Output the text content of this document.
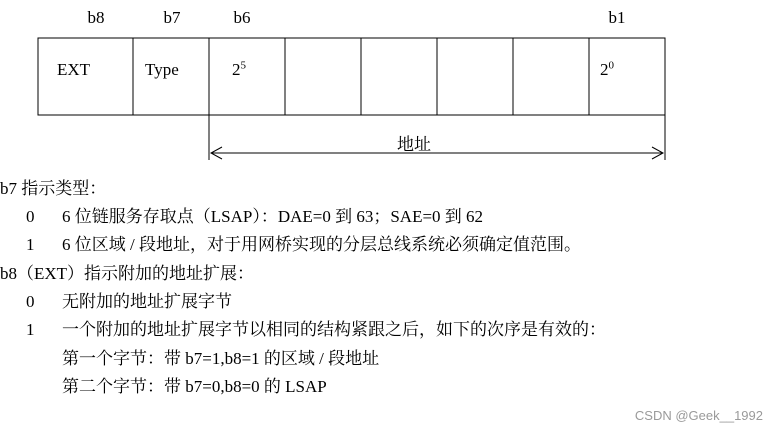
b8	b7	b6	b1
EXT	Type	$2^5$	$2^0$
地址
b7 指示类型：
0 6 位链服务存取点（LSAP）：DAE=0 到 63；SAE=0 到 62
1 6 位区域 / 段地址，对于用网桥实现的分层总线系统必须确定值范围。
b8（EXT）指示附加的地址扩展：
0 无附加的地址扩展字节
1 一个附加的地址扩展字节以相同的结构紧跟之后，如下的次序是有效的：
第一个字节：带 b7=1,b8=1 的区域 / 段地址
第二个字节：带 b7=0,b8=0 的 LSAP
CSDN @Geek__1992
